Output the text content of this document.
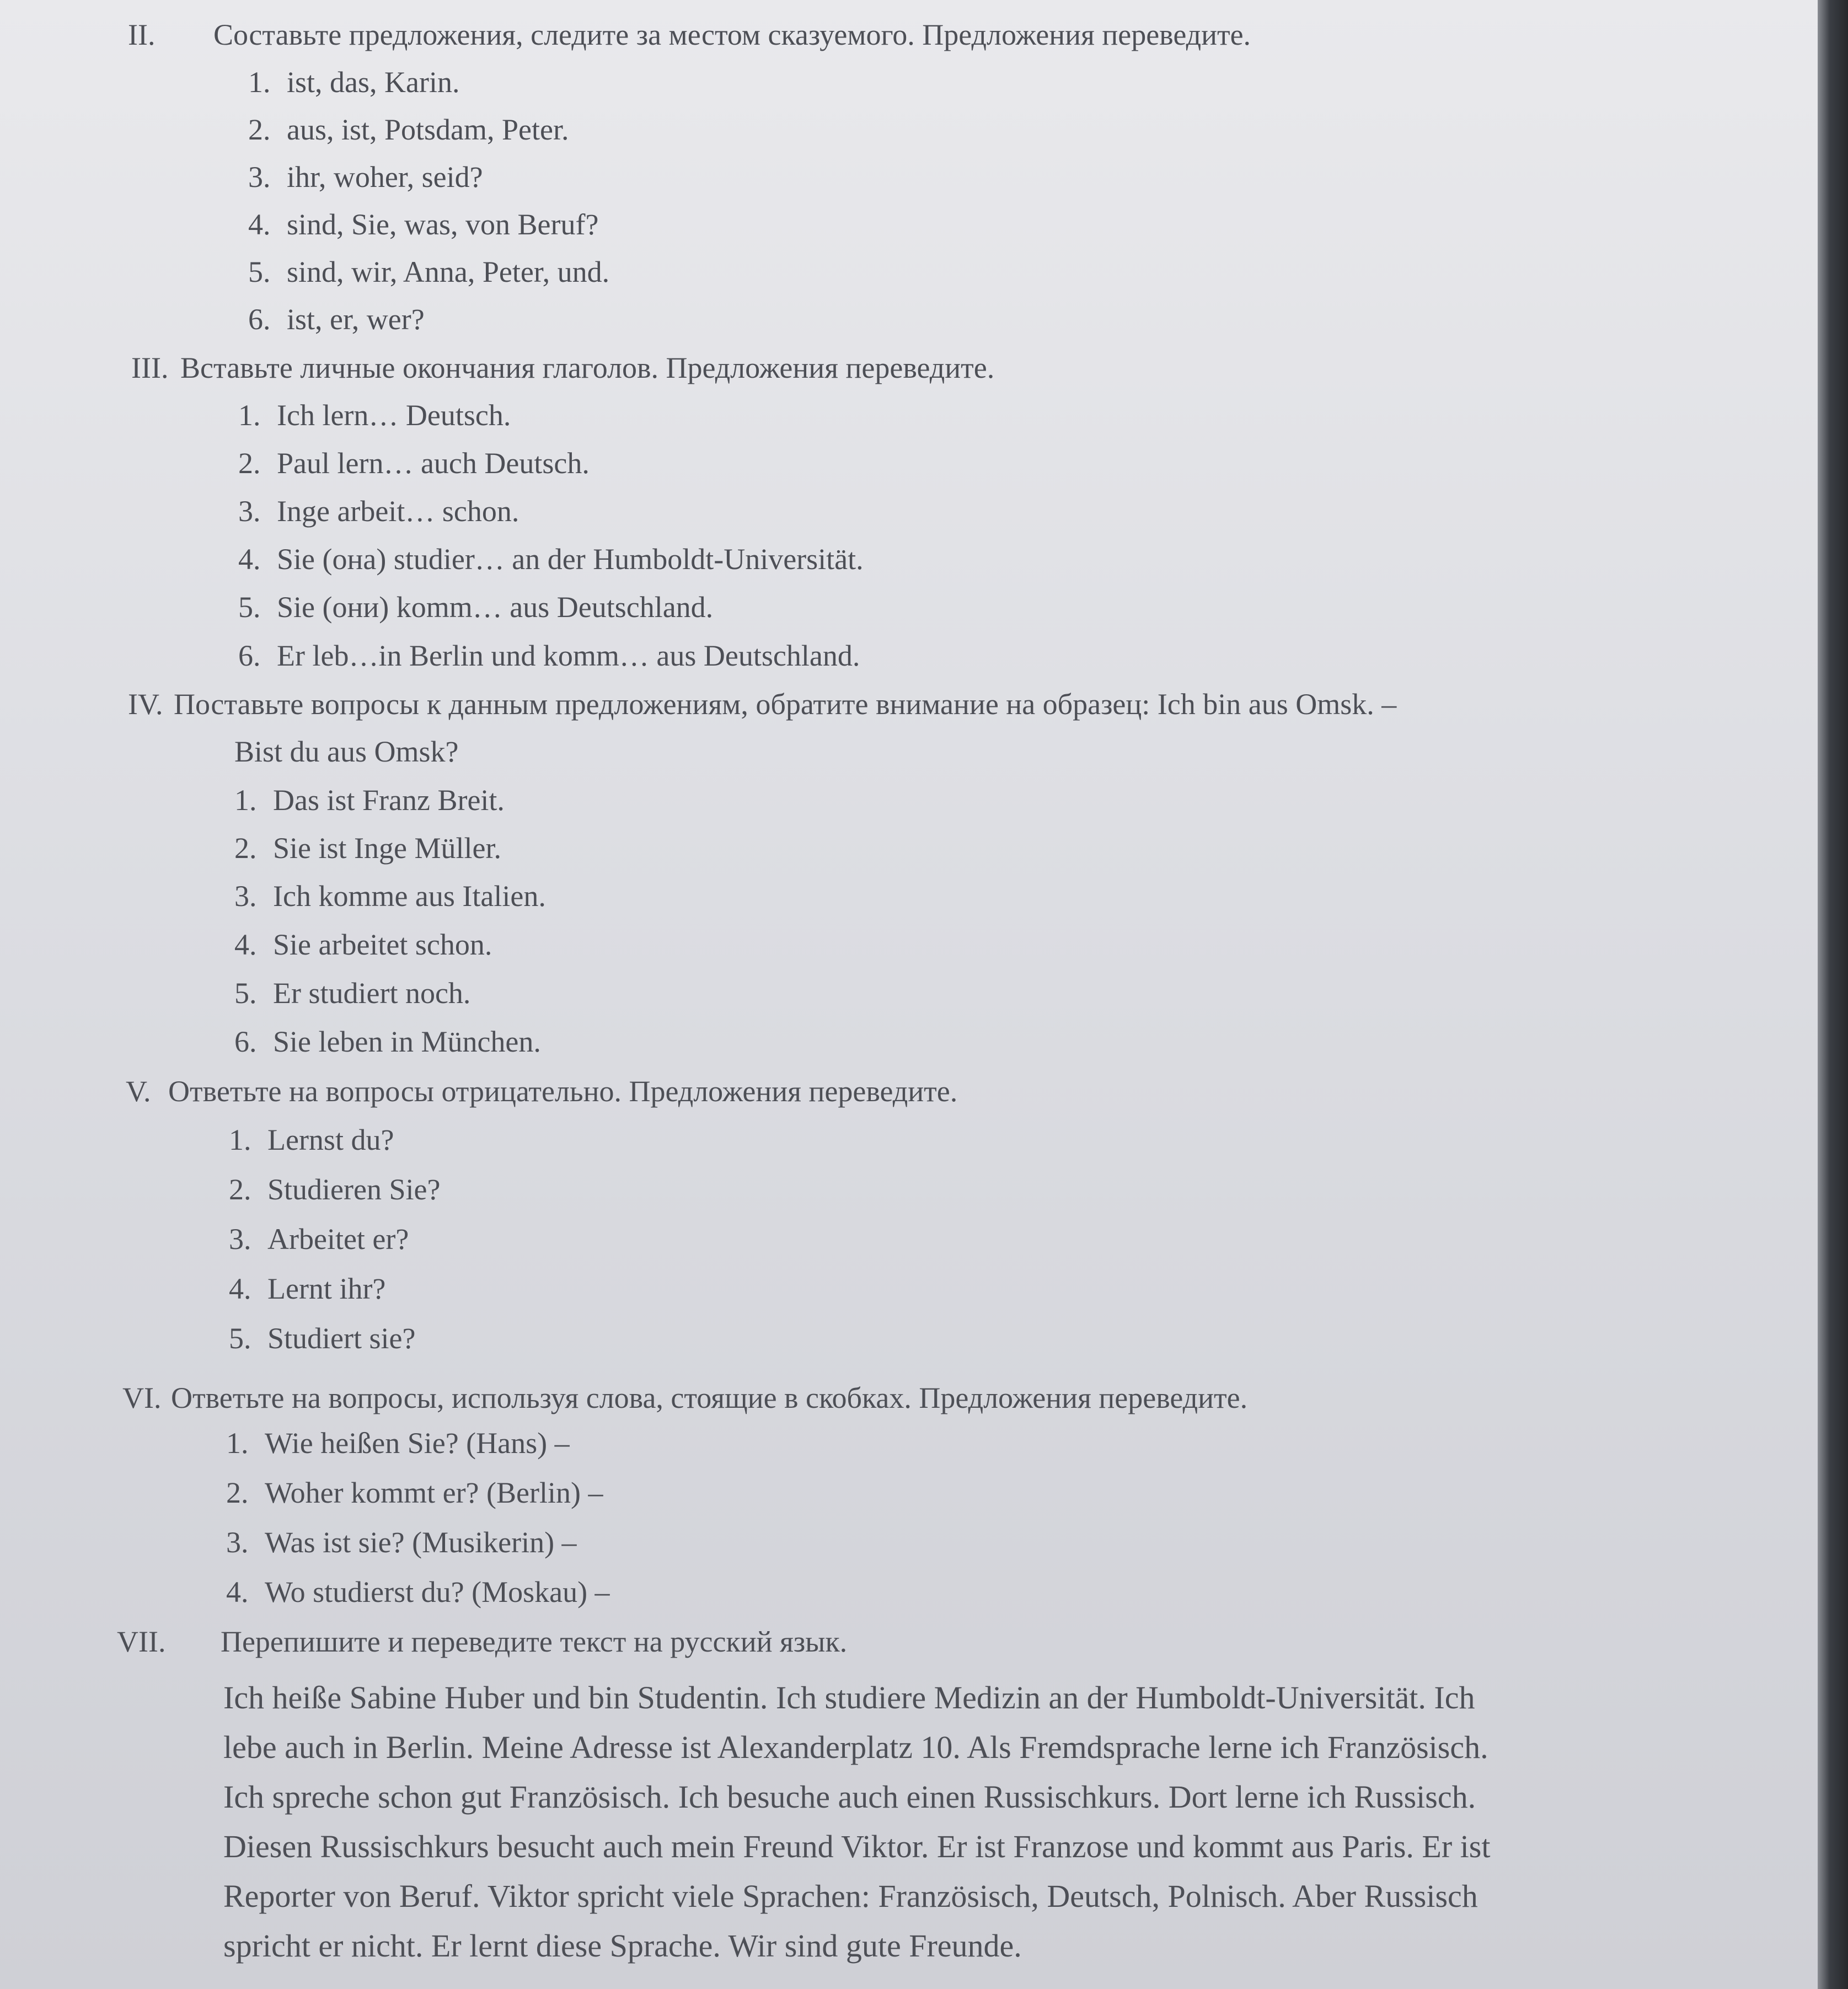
II. Составьте предложения, следите за местом сказуемого. Предложения переведите.
1. ist, das, Karin.
2. aus, ist, Potsdam, Peter.
3. ihr, woher, seid?
4. sind, Sie, was, von Beruf?
5. sind, wir, Anna, Peter, und.
6. ist, er, wer?
III. Вставьте личные окончания глаголов. Предложения переведите.
1. Ich lern… Deutsch.
2. Paul lern… auch Deutsch.
3. Inge arbeit… schon.
4. Sie (она) studier… an der Humboldt-Universität.
5. Sie (они) komm… aus Deutschland.
6. Er leb…in Berlin und komm… aus Deutschland.
IV. Поставьте вопросы к данным предложениям, обратите внимание на образец: Ich bin aus Omsk. –
Bist du aus Omsk?
1. Das ist Franz Breit.
2. Sie ist Inge Müller.
3. Ich komme aus Italien.
4. Sie arbeitet schon.
5. Er studiert noch.
6. Sie leben in München.
V. Ответьте на вопросы отрицательно. Предложения переведите.
1. Lernst du?
2. Studieren Sie?
3. Arbeitet er?
4. Lernt ihr?
5. Studiert sie?
VI. Ответьте на вопросы, используя слова, стоящие в скобках. Предложения переведите.
1. Wie heißen Sie? (Hans) –
2. Woher kommt er? (Berlin) –
3. Was ist sie? (Musikerin) –
4. Wo studierst du? (Moskau) –
VII. Перепишите и переведите текст на русский язык.
Ich heiße Sabine Huber und bin Studentin. Ich studiere Medizin an der Humboldt-Universität. Ich
lebe auch in Berlin. Meine Adresse ist Alexanderplatz 10. Als Fremdsprache lerne ich Französisch.
Ich spreche schon gut Französisch. Ich besuche auch einen Russischkurs. Dort lerne ich Russisch.
Diesen Russischkurs besucht auch mein Freund Viktor. Er ist Franzose und kommt aus Paris. Er ist
Reporter von Beruf. Viktor spricht viele Sprachen: Französisch, Deutsch, Polnisch. Aber Russisch
spricht er nicht. Er lernt diese Sprache. Wir sind gute Freunde.
